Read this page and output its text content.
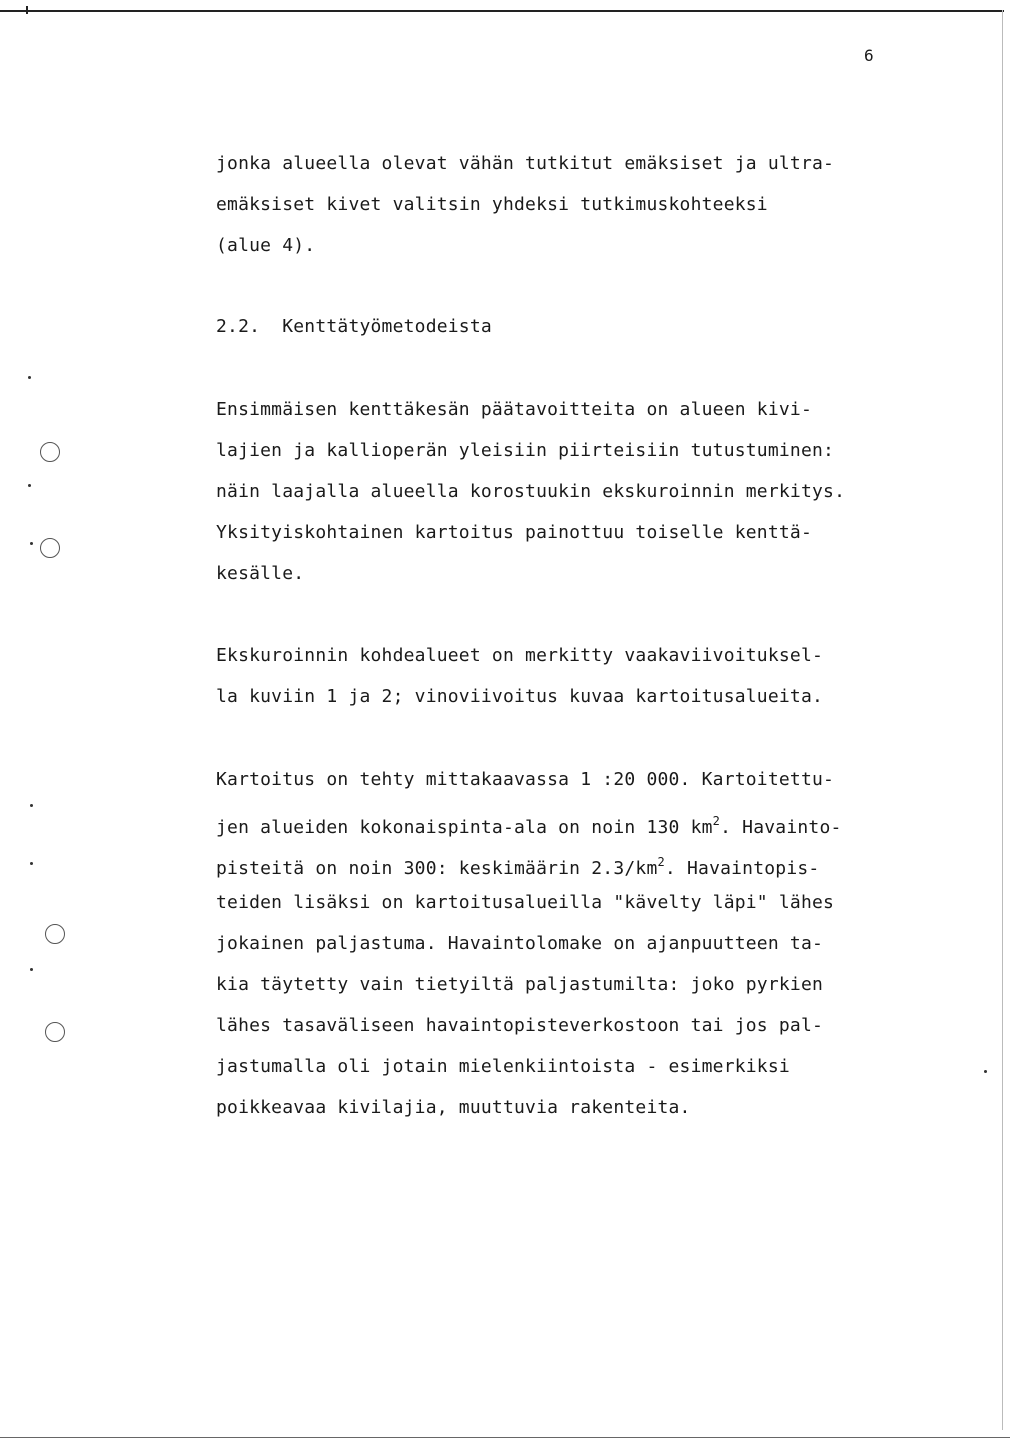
6
jonka alueella olevat vähän tutkitut emäksiset ja ultra-
emäksiset kivet valitsin yhdeksi tutkimuskohteeksi
(alue 4).
2.2.  Kenttätyömetodeista
Ensimmäisen kenttäkesän päätavoitteita on alueen kivi-
lajien ja kallioperän yleisiin piirteisiin tutustuminen:
näin laajalla alueella korostuukin ekskuroinnin merkitys.
Yksityiskohtainen kartoitus painottuu toiselle kenttä-
kesälle.
Ekskuroinnin kohdealueet on merkitty vaakaviivoituksel-
la kuviin 1 ja 2; vinoviivoitus kuvaa kartoitusalueita.
Kartoitus on tehty mittakaavassa 1 :20 000. Kartoitettu-
jen alueiden kokonaispinta-ala on noin 130 $km^2$. Havainto-
pisteitä on noin 300: keskimäärin $2.3/km^2$. Havaintopis-
teiden lisäksi on kartoitusalueilla "kävelty läpi" lähes
jokainen paljastuma. Havaintolomake on ajanpuutteen ta-
kia täytetty vain tietyiltä paljastumilta: joko pyrkien
lähes tasaväliseen havaintopisteverkostoon tai jos pal-
jastumalla oli jotain mielenkiintoista - esimerkiksi
poikkeavaa kivilajia, muuttuvia rakenteita.
